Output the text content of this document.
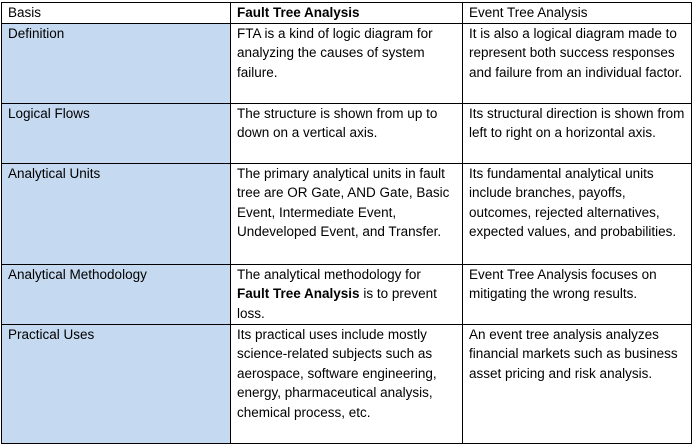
Basis	Fault Tree Analysis	Event Tree Analysis
Definition	FTA is a kind of logic diagram for analyzing the causes of system failure.	It is also a logical diagram made to represent both success responses and failure from an individual factor.
Logical Flows	The structure is shown from up to down on a vertical axis.	Its structural direction is shown from left to right on a horizontal axis.
Analytical Units	The primary analytical units in fault tree are OR Gate, AND Gate, Basic Event, Intermediate Event, Undeveloped Event, and Transfer.	Its fundamental analytical units include branches, payoffs, outcomes, rejected alternatives, expected values, and probabilities.
Analytical Methodology	The analytical methodology for Fault Tree Analysis is to prevent loss.	Event Tree Analysis focuses on mitigating the wrong results.
Practical Uses	Its practical uses include mostly science-related subjects such as aerospace, software engineering, energy, pharmaceutical analysis, chemical process, etc.	An event tree analysis analyzes financial markets such as business asset pricing and risk analysis.
